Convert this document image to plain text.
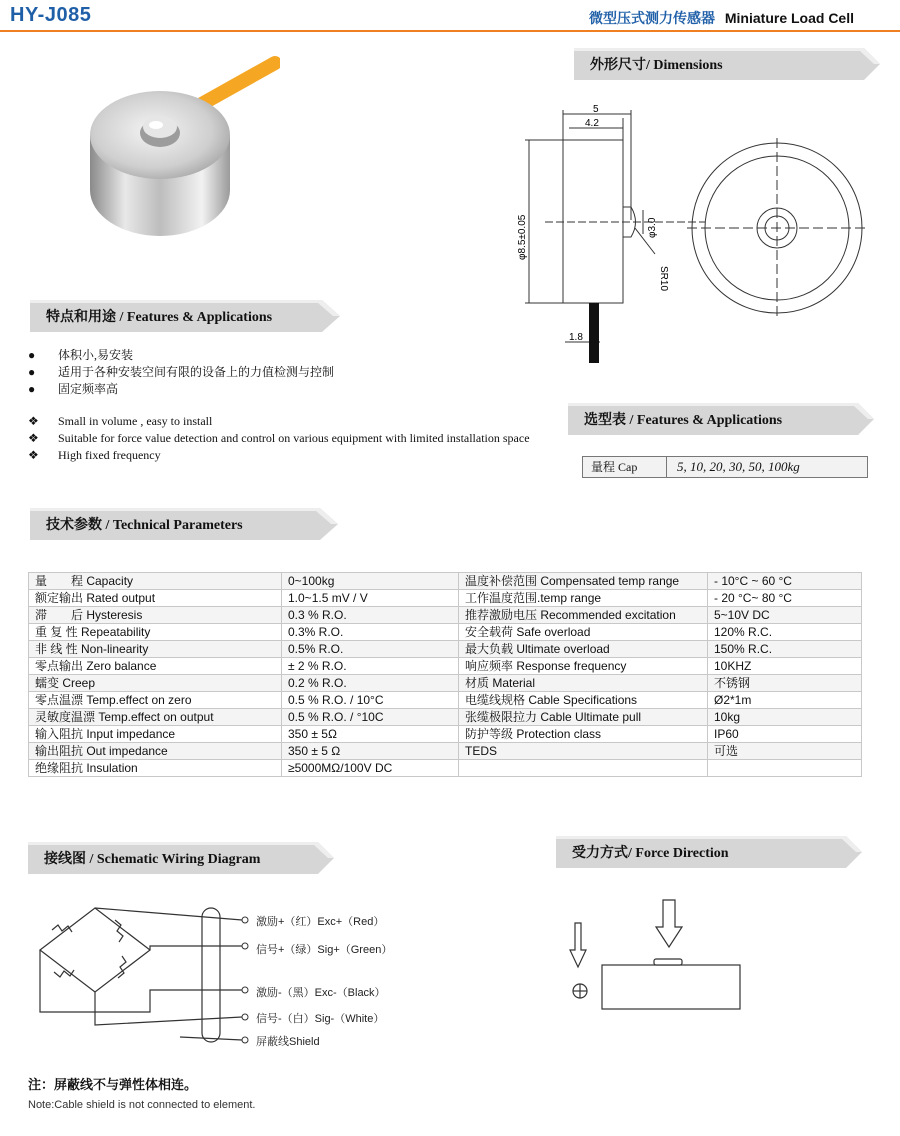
HY-J085	微型压式测力传感器 Miniature Load Cell
外形尺寸/ Dimensions
5
4.2
φ8.5±0.05	φ3.0
SR10
1.8
特点和用途 / Features & Applications
● 体积小,易安装
● 适用于各种安装空间有限的设备上的力值检测与控制
● 固定频率高
❖ Small in volume , easy to install
❖ Suitable for force value detection and control on various equipment with limited installation space
❖ High fixed frequency
选型表 / Features & Applications
量程 Cap	5, 10, 20, 30, 50, 100kg
技术参数 / Technical Parameters
量　　程 Capacity	0~100kg	温度补偿范围 Compensated temp range	- 10°C ~ 60 °C
额定输出 Rated output	1.0~1.5 mV / V	工作温度范围.temp range	- 20 °C~ 80 °C
滞　　后 Hysteresis	0.3 % R.O.	推荐激励电压 Recommended excitation	5~10V DC
重 复 性 Repeatability	0.3% R.O.	安全载荷 Safe overload	120% R.C.
非 线 性 Non-linearity	0.5% R.O.	最大负载 Ultimate overload	150% R.C.
零点输出 Zero balance	± 2 % R.O.	响应频率 Response frequency	10KHZ
蠕变 Creep	0.2 % R.O.	材质 Material	不锈钢
零点温漂 Temp.effect on zero	0.5 % R.O. / 10°C	电缆线规格 Cable Specifications	Ø2*1m
灵敏度温漂 Temp.effect on output	0.5 % R.O. / °10C	张缆极限拉力 Cable Ultimate pull	10kg
输入阻抗 Input impedance	350 ± 5Ω	防护等级 Protection class	IP60
输出阻抗 Out impedance	350 ± 5 Ω	TEDS	可选
绝缘阻抗 Insulation	≥5000MΩ/100V DC		
接线图 / Schematic Wiring Diagram
激励+（红）Exc+（Red）
信号+（绿）Sig+（Green）
激励-（黑）Exc-（Black）
信号-（白）Sig-（White）
屏蔽线Shield
受力方式/ Force Direction
注：屏蔽线不与弹性体相连。
Note:Cable shield is not connected to element.
